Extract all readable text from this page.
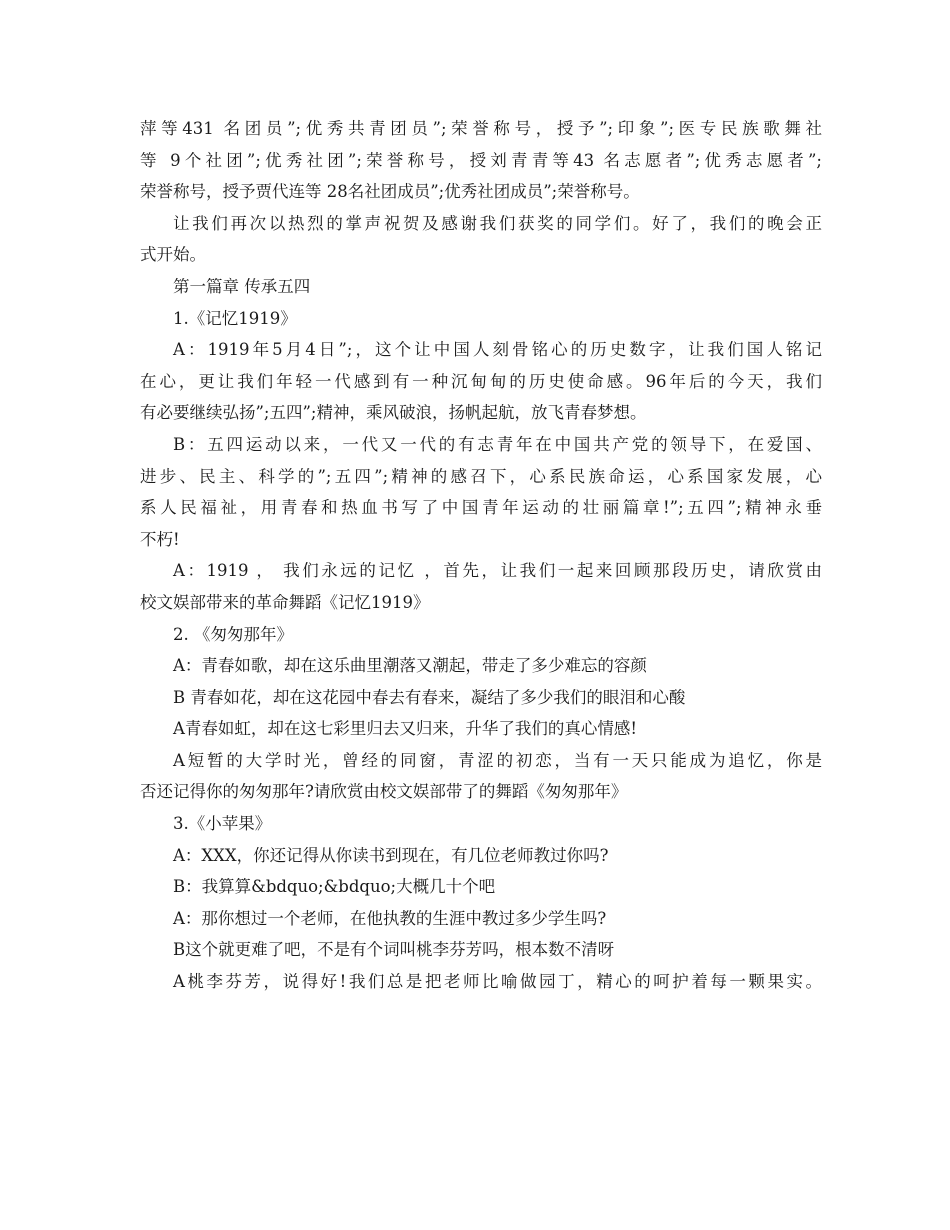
萍等431 名团员”;优秀共青团员”;荣誉称号，授予”;印象”;医专民族歌舞社
等 9个社团”;优秀社团”;荣誉称号，授刘青青等43 名志愿者”;优秀志愿者”;
荣誉称号，授予贾代连等 28名社团成员”;优秀社团成员”;荣誉称号。
让我们再次以热烈的掌声祝贺及感谢我们获奖的同学们。好了，我们的晚会正
式开始。
第一篇章 传承五四
1.《记忆1919》
A：1919年5月4日”;，这个让中国人刻骨铭心的历史数字，让我们国人铭记
在心，更让我们年轻一代感到有一种沉甸甸的历史使命感。96年后的今天，我们
有必要继续弘扬”;五四”;精神，乘风破浪，扬帆起航，放飞青春梦想。
B：五四运动以来，一代又一代的有志青年在中国共产党的领导下，在爱国、
进步、民主、科学的”;五四”;精神的感召下，心系民族命运，心系国家发展，心
系人民福祉，用青春和热血书写了中国青年运动的壮丽篇章!”;五四”;精神永垂
不朽!
A：1919 ， 我们永远的记忆 ，首先，让我们一起来回顾那段历史，请欣赏由
校文娱部带来的革命舞蹈《记忆1919》
2. 《匆匆那年》
A：青春如歌，却在这乐曲里潮落又潮起，带走了多少难忘的容颜
B 青春如花，却在这花园中春去有春来，凝结了多少我们的眼泪和心酸
A青春如虹，却在这七彩里归去又归来，升华了我们的真心情感!
A短暂的大学时光，曾经的同窗，青涩的初恋，当有一天只能成为追忆，你是
否还记得你的匆匆那年?请欣赏由校文娱部带了的舞蹈《匆匆那年》
3.《小苹果》
A：XXX，你还记得从你读书到现在，有几位老师教过你吗?
B：我算算&bdquo;&bdquo;大概几十个吧
A：那你想过一个老师，在他执教的生涯中教过多少学生吗?
B这个就更难了吧，不是有个词叫桃李芬芳吗，根本数不清呀
A桃李芬芳，说得好!我们总是把老师比喻做园丁，精心的呵护着每一颗果实。
